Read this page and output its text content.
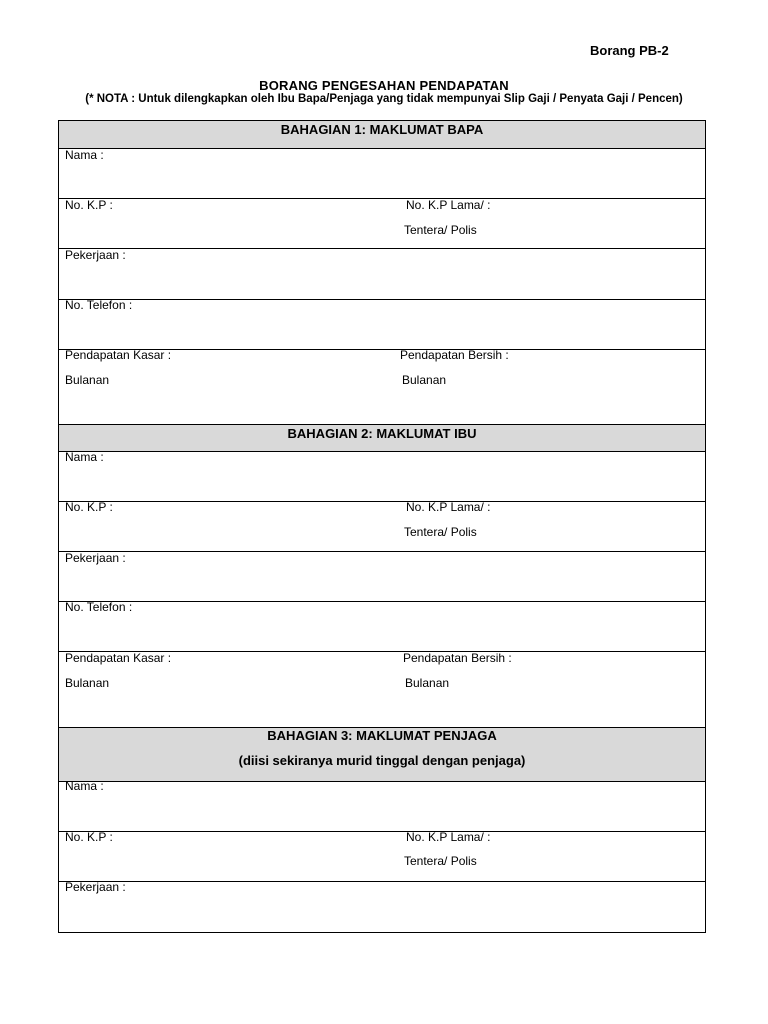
Borang PB-2
BORANG PENGESAHAN PENDAPATAN
(* NOTA : Untuk dilengkapkan oleh Ibu Bapa/Penjaga yang tidak mempunyai Slip Gaji / Penyata Gaji / Pencen)
BAHAGIAN 1: MAKLUMAT BAPA
BAHAGIAN 2: MAKLUMAT IBU
BAHAGIAN 3: MAKLUMAT PENJAGA
(diisi sekiranya murid tinggal dengan penjaga)
Nama :
No. K.P :	No. K.P Lama/ :
Tentera/ Polis
Pekerjaan :
No. Telefon :
Pendapatan Kasar :	Pendapatan Bersih :
Bulanan	Bulanan
Nama :
No. K.P :	No. K.P Lama/ :
Tentera/ Polis
Pekerjaan :
No. Telefon :
Pendapatan Kasar :	Pendapatan Bersih :
Bulanan	Bulanan
Nama :
No. K.P :	No. K.P Lama/ :
Tentera/ Polis
Pekerjaan :
